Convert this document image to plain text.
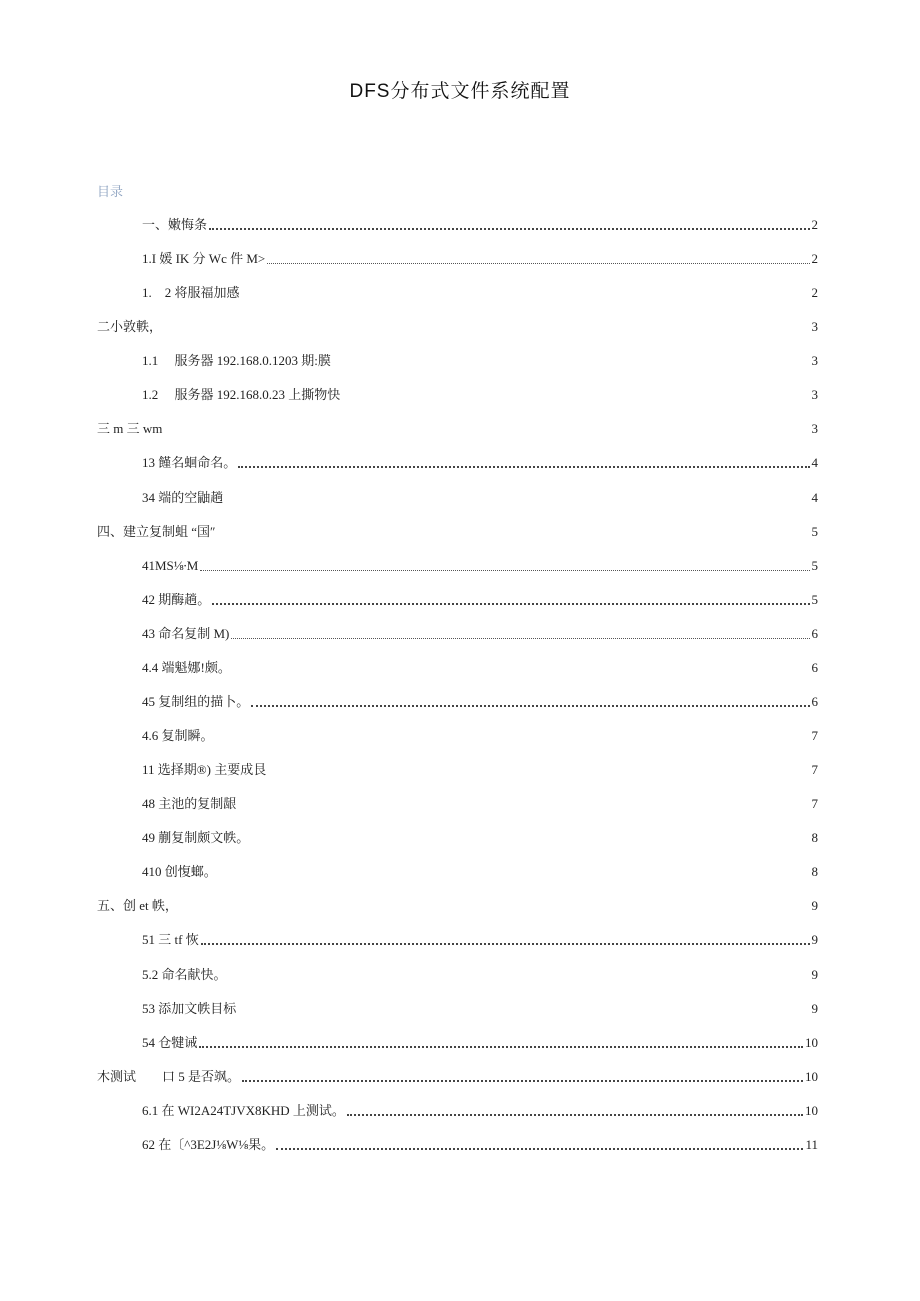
DFS分布式文件系统配置
目录
一、嫩悔条	2
1.I 媛 IK 分 Wc 件 M>	2
1.    2 将服福加感	2
二小敦軼，	3
1.1     服务器 192.168.0.1203 期:膜	3
1.2     服务器 192.168.0.23 上撕物快	3
三 m 三 wm	3
13 饉名蛔命名。	4
34 端的空鼬趟	4
四、建立复制蛆 “国″	5
41MS⅛∙M	5
42 期酶趟。	5
43 命名复制 M)	6
4.4 端魁娜!颇。	6
45 复制组的描卜。	6
4.6 复制瞬。	7
11 选择期®) 主要成艮	7
48 主池的复制龈	7
49 蒯复制颇文帙。	8
410 创愎螂。	8
五、创 et 帙，	9
51 三 tf 恢	9
5.2 命名献快。	9
53 添加文帙目标	9
54 仓犍诫	10
木测试        口 5 是否飒。	10
6.1 在 WI2A24TJVX8KHD 上测试。	10
62 在〔^3E2J⅛W⅛果。	11
